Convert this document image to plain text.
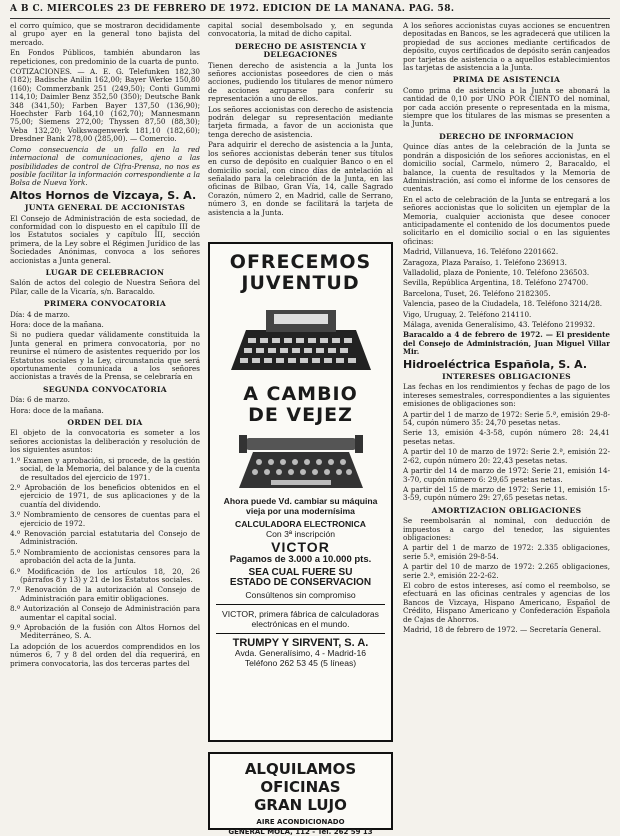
A B C. MIERCOLES 23 DE FEBRERO DE 1972. EDICION DE LA MAÑANA. PAG. 58.

el corro químico, que se mostraron decididamente al grupo ayer en la general tono bajista del mercado.

En Fondos Públicos, también abundaron las repeticiones, con predominio de la cuarta de punto.

COTIZACIONES. — A. E. G. Telefunken 182,30 (182); Badische Anilin 162,00; Bayer Werke 150,80 (160); Commerzbank 251 (249,50); Conti Gummi 114,10; Daimler Benz 352,50 (350); Deutsche Bank 348 (341,50); Farben Bayer 137,50 (136,90); Hoechster Farb 164,10 (162,70); Mannesmann 75,00; Siemens 272,00; Thyssen 87,50 (88,30); Veba 132,20; Volkswagenwerk 181,10 (182,60); Dresdner Bank 278,00 (285,00). — Comercio.

Como consecuencia de un fallo en la red internacional de comunicaciones, ajeno a las posibilidades de control de Cifra-Prensa, no nos es posible facilitar la información correspondiente a la Bolsa de Nueva York.

Altos Hornos de Vizcaya, S. A.
JUNTA GENERAL DE ACCIONISTAS

El Consejo de Administración de esta sociedad, de conformidad con lo dispuesto en el capítulo III de los Estatutos sociales y capítulo III, sección primera, de la Ley sobre el Régimen Jurídico de las Sociedades Anónimas, convoca a los señores accionistas a Junta general.

LUGAR DE CELEBRACION

Salón de actos del colegio de Nuestra Señora del Pilar, calle de la Vicaría, s/n. Baracaldo.

PRIMERA CONVOCATORIA

Día: 4 de marzo.

Hora: doce de la mañana.

Si no pudiera quedar válidamente constituida la Junta general en primera convocatoria, por no reunirse el número de asistentes requerido por los Estatutos sociales y la Ley, circunstancia que será oportunamente comunicada a los señores accionistas a través de la Prensa, se celebraría en

SEGUNDA CONVOCATORIA

Día: 6 de marzo.

Hora: doce de la mañana.

ORDEN DEL DIA

El objeto de la convocatoria es someter a los señores accionistas la deliberación y resolución de los siguientes asuntos:

1.º Examen y aprobación, si procede, de la gestión social, de la Memoria, del balance y de la cuenta de resultados del ejercicio de 1971.
2.º Aprobación de los beneficios obtenidos en el ejercicio de 1971, de sus aplicaciones y de la cuantía del dividendo.
3.º Nombramiento de censores de cuentas para el ejercicio de 1972.
4.º Renovación parcial estatutaria del Consejo de Administración.
5.º Nombramiento de accionistas censores para la aprobación del acta de la Junta.
6.º Modificación de los artículos 18, 20, 26 (párrafos 8 y 13) y 21 de los Estatutos sociales.
7.º Renovación de la autorización al Consejo de Administración para emitir obligaciones.
8.º Autorización al Consejo de Administración para aumentar el capital social.
9.º Aprobación de la fusión con Altos Hornos del Mediterráneo, S. A.

La adopción de los acuerdos comprendidos en los números 6, 7 y 8 del orden del día requerirá, en primera convocatoria, las dos terceras partes del

capital social desembolsado y, en segunda convocatoria, la mitad de dicho capital.

DERECHO DE ASISTENCIA Y DELEGACIONES

Tienen derecho de asistencia a la Junta los señores accionistas poseedores de cien o más acciones, pudiendo los titulares de menor número de acciones agruparse para conferir su representación a uno de ellos.

Los señores accionistas con derecho de asistencia podrán delegar su representación mediante tarjeta firmada, a favor de un accionista que tenga derecho de asistencia.

Para adquirir el derecho de asistencia a la Junta, los señores accionistas deberán tener sus títulos en curso de depósito en cualquier Banco o en el domicilio social, con cinco días de antelación al señalado para la celebración de la Junta, en las oficinas de Bilbao, Gran Vía, 14, calle Sagrado Corazón, número 2, en Madrid, calle de Serrano, número 3, en donde se facilitará la tarjeta de asistencia a la Junta.

OFRECEMOS
JUVENTUD
A CAMBIO
DE VEJEZ
Ahora puede Vd. cambiar su máquina vieja por una modernísima
CALCULADORA ELECTRONICA
Con 3ª inscripción
VICTOR
Pagamos de 3.000 a 10.000 pts.
SEA CUAL FUERE SU
ESTADO DE CONSERVACION
Consúltenos sin compromiso
VICTOR, primera fábrica de calculadoras electrónicas en el mundo.
TRUMPY Y SIRVENT, S. A.
Avda. Generalísimo, 4 - Madrid-16
Teléfono 262 53 45 (5 líneas)
ALQUILAMOS OFICINAS
GRAN LUJO
AIRE ACONDICIONADO
GENERAL MOLA, 112 - Tel. 262 59 13

A los señores accionistas cuyas acciones se encuentren depositadas en Bancos, se les agradecerá que utilicen la propiedad de sus acciones mediante certificados de depósito, cuyos certificados de depósito serán canjeados por tarjetas de asistencia o a aquellos establecimientos las tarjetas de asistencia a la Junta.

PRIMA DE ASISTENCIA

Como prima de asistencia a la Junta se abonará la cantidad de 0,10 por UNO POR CIENTO del nominal, por cada acción presente o representada en la misma, siempre que los titulares de las mismas se presenten a la Junta.

DERECHO DE INFORMACION

Quince días antes de la celebración de la Junta se pondrán a disposición de los señores accionistas, en el domicilio social, Carmelo, número 2, Baracaldo, el balance, la cuenta de resultados y la Memoria de Administración, así como el informe de los censores de cuentas.

En el acto de celebración de la Junta se entregará a los señores accionistas que lo soliciten un ejemplar de la Memoria, cualquier accionista que desee conocer anticipadamente el contenido de los documentos puede solicitarlo en el domicilio social o en las siguientes oficinas:

Madrid, Villanueva, 16. Teléfono 2201662.

Zaragoza, Plaza Paraíso, 1. Teléfono 236913.

Valladolid, plaza de Poniente, 10. Teléfono 236503.

Sevilla, República Argentina, 18. Teléfono 274700.

Barcelona, Tuset, 26. Teléfono 2182305.

Valencia, paseo de la Ciudadela, 18. Teléfono 3214/28.

Vigo, Uruguay, 2. Teléfono 214110.

Málaga, avenida Generalísimo, 43. Teléfono 219932.

Baracaldo a 4 de febrero de 1972. — El presidente del Consejo de Administración, Juan Miguel Villar Mir.

Hidroeléctrica Española, S. A.
INTERESES OBLIGACIONES

Las fechas en los rendimientos y fechas de pago de los intereses semestrales, correspondientes a las siguientes emisiones de obligaciones son:

A partir del 1 de marzo de 1972: Serie 5.ª, emisión 29-8-54, cupón número 35: 24,70 pesetas netas.

Serie 13, emisión 4-3-58, cupón número 28: 24,41 pesetas netas.

A partir del 10 de marzo de 1972: Serie 2.ª, emisión 22-2-62, cupón número 20: 22,43 pesetas netas.

A partir del 14 de marzo de 1972: Serie 21, emisión 14-3-70, cupón número 6: 29,65 pesetas netas.

A partir del 15 de marzo de 1972: Serie 11, emisión 15-3-59, cupón número 29: 27,65 pesetas netas.

AMORTIZACION OBLIGACIONES

Se reembolsarán al nominal, con deducción de impuestos a cargo del tenedor, las siguientes obligaciones:

A partir del 1 de marzo de 1972: 2.335 obligaciones, serie 5.ª, emisión 29-8-54.

A partir del 10 de marzo de 1972: 2.265 obligaciones, serie 2.ª, emisión 22-2-62.

El cobro de estos intereses, así como el reembolso, se efectuará en las oficinas centrales y agencias de los Bancos de Vizcaya, Hispano Americano, Español de Crédito, Hispano Americano y Confederación Española de Cajas de Ahorros.

Madrid, 18 de febrero de 1972. — Secretaría General.
